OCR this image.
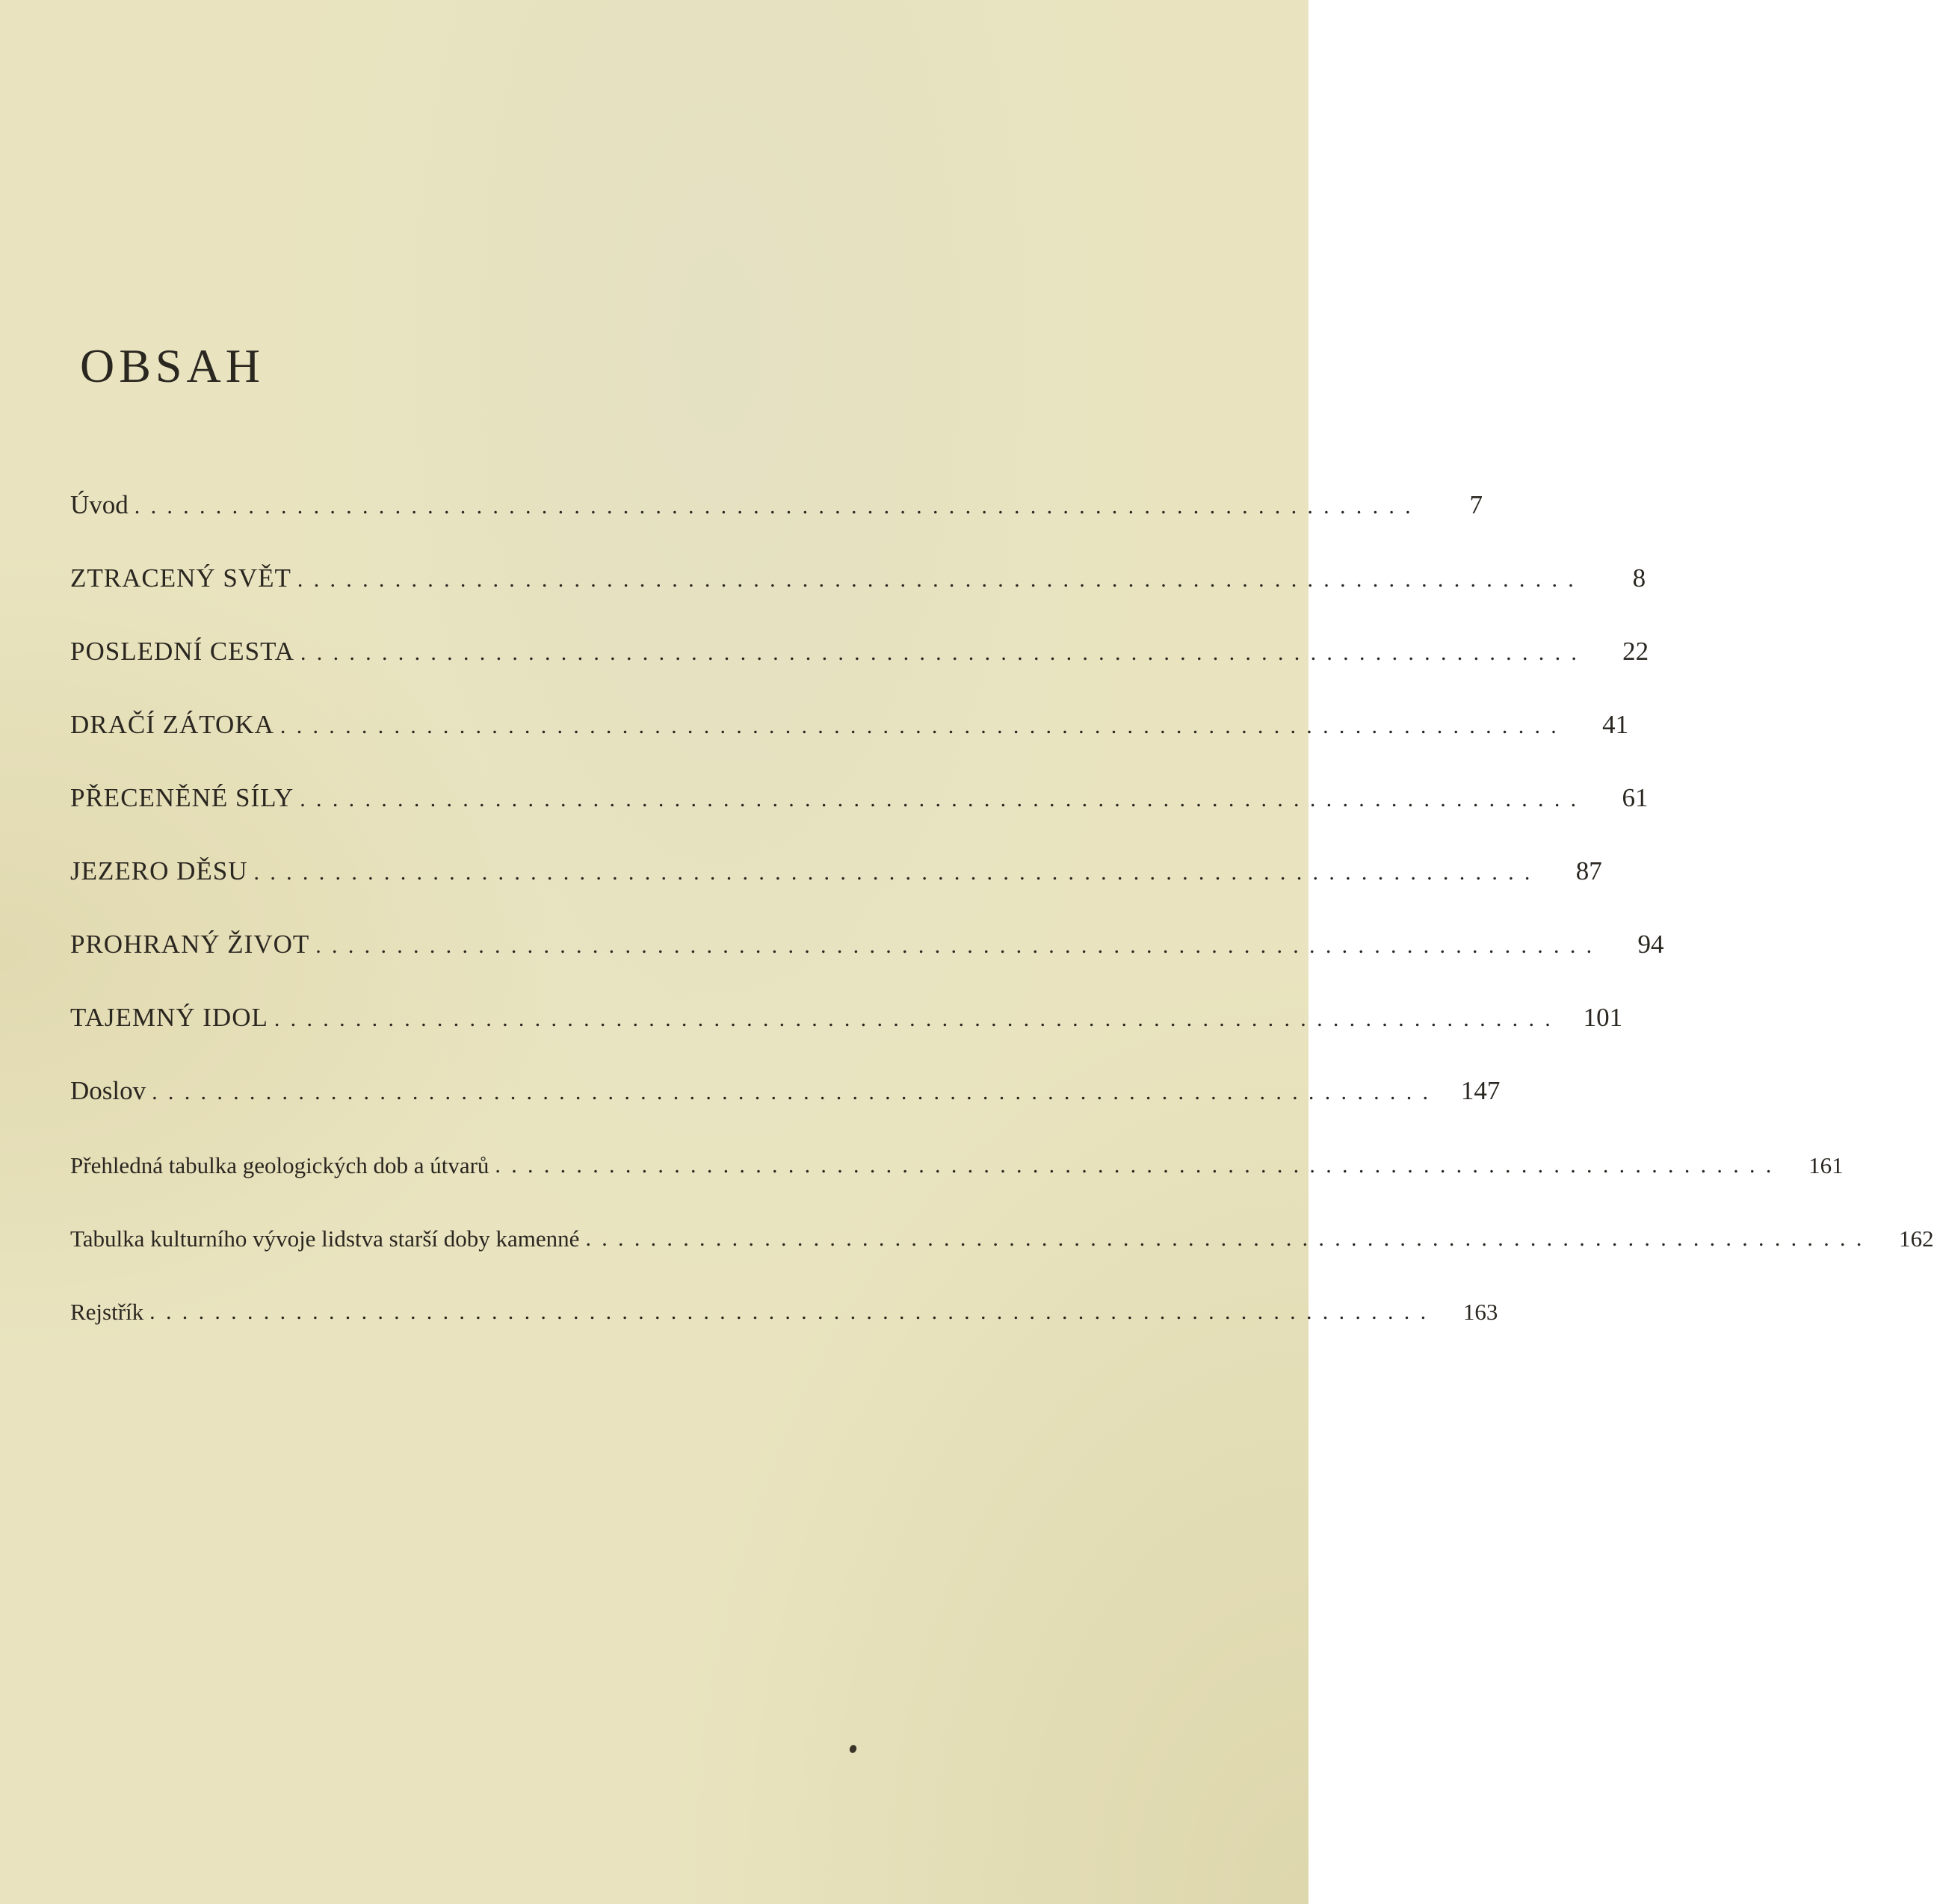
OBSAH
Úvod ...............................................................................	7
ZTRACENÝ SVĚT ...............................................................................	8
POSLEDNÍ CESTA ...............................................................................	22
DRAČÍ ZÁTOKA ...............................................................................	41
PŘECENĚNÉ SÍLY ...............................................................................	61
JEZERO DĚSU ...............................................................................	87
PROHRANÝ ŽIVOT ...............................................................................	94
TAJEMNÝ IDOL ............................................................................... 101
Doslov ............................................................................... 147
Přehledná tabulka geologických dob a útvarů ...............................................................................	161
Tabulka kulturního vývoje lidstva starší doby kamenné ...............................................................................	162
Rejstřík ...............................................................................	163
